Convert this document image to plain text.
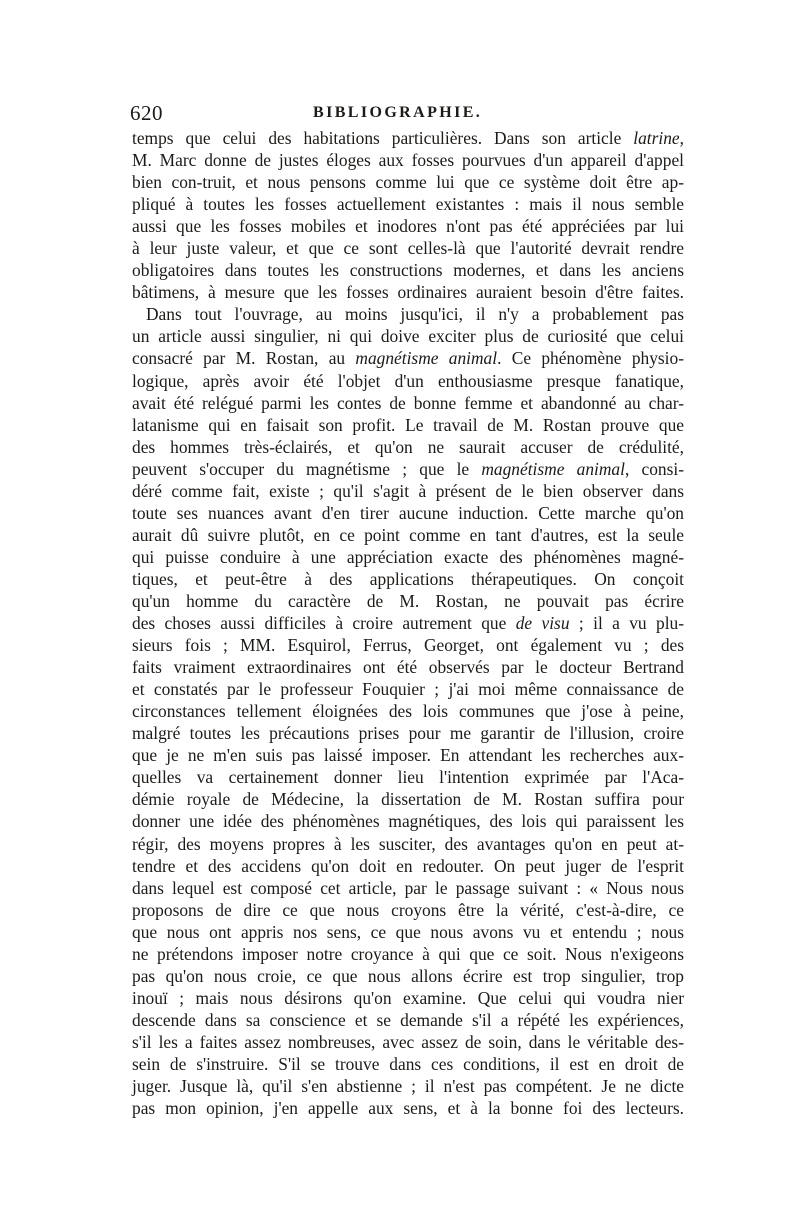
620	BIBLIOGRAPHIE.
temps que celui des habitations particulières. Dans son article latrine,
M. Marc donne de justes éloges aux fosses pourvues d'un appareil d'appel
bien con-truit, et nous pensons comme lui que ce système doit être ap-
pliqué à toutes les fosses actuellement existantes : mais il nous semble
aussi que les fosses mobiles et inodores n'ont pas été appréciées par lui
à leur juste valeur, et que ce sont celles-là que l'autorité devrait rendre
obligatoires dans toutes les constructions modernes, et dans les anciens
bâtimens, à mesure que les fosses ordinaires auraient besoin d'être faites.
Dans tout l'ouvrage, au moins jusqu'ici, il n'y a probablement pas
un article aussi singulier, ni qui doive exciter plus de curiosité que celui
consacré par M. Rostan, au magnétisme animal. Ce phénomène physio-
logique, après avoir été l'objet d'un enthousiasme presque fanatique,
avait été relégué parmi les contes de bonne femme et abandonné au char-
latanisme qui en faisait son profit. Le travail de M. Rostan prouve que
des hommes très-éclairés, et qu'on ne saurait accuser de crédulité,
peuvent s'occuper du magnétisme ; que le magnétisme animal, consi-
déré comme fait, existe ; qu'il s'agit à présent de le bien observer dans
toute ses nuances avant d'en tirer aucune induction. Cette marche qu'on
aurait dû suivre plutôt, en ce point comme en tant d'autres, est la seule
qui puisse conduire à une appréciation exacte des phénomènes magné-
tiques, et peut-être à des applications thérapeutiques. On conçoit
qu'un homme du caractère de M. Rostan, ne pouvait pas écrire
des choses aussi difficiles à croire autrement que de visu ; il a vu plu-
sieurs fois ; MM. Esquirol, Ferrus, Georget, ont également vu ; des
faits vraiment extraordinaires ont été observés par le docteur Bertrand
et constatés par le professeur Fouquier ; j'ai moi même connaissance de
circonstances tellement éloignées des lois communes que j'ose à peine,
malgré toutes les précautions prises pour me garantir de l'illusion, croire
que je ne m'en suis pas laissé imposer. En attendant les recherches aux-
quelles va certainement donner lieu l'intention exprimée par l'Aca-
démie royale de Médecine, la dissertation de M. Rostan suffira pour
donner une idée des phénomènes magnétiques, des lois qui paraissent les
régir, des moyens propres à les susciter, des avantages qu'on en peut at-
tendre et des accidens qu'on doit en redouter. On peut juger de l'esprit
dans lequel est composé cet article, par le passage suivant : « Nous nous
proposons de dire ce que nous croyons être la vérité, c'est-à-dire, ce
que nous ont appris nos sens, ce que nous avons vu et entendu ; nous
ne prétendons imposer notre croyance à qui que ce soit. Nous n'exigeons
pas qu'on nous croie, ce que nous allons écrire est trop singulier, trop
inouï ; mais nous désirons qu'on examine. Que celui qui voudra nier
descende dans sa conscience et se demande s'il a répété les expériences,
s'il les a faites assez nombreuses, avec assez de soin, dans le véritable des-
sein de s'instruire. S'il se trouve dans ces conditions, il est en droit de
juger. Jusque là, qu'il s'en abstienne ; il n'est pas compétent. Je ne dicte
pas mon opinion, j'en appelle aux sens, et à la bonne foi des lecteurs.
